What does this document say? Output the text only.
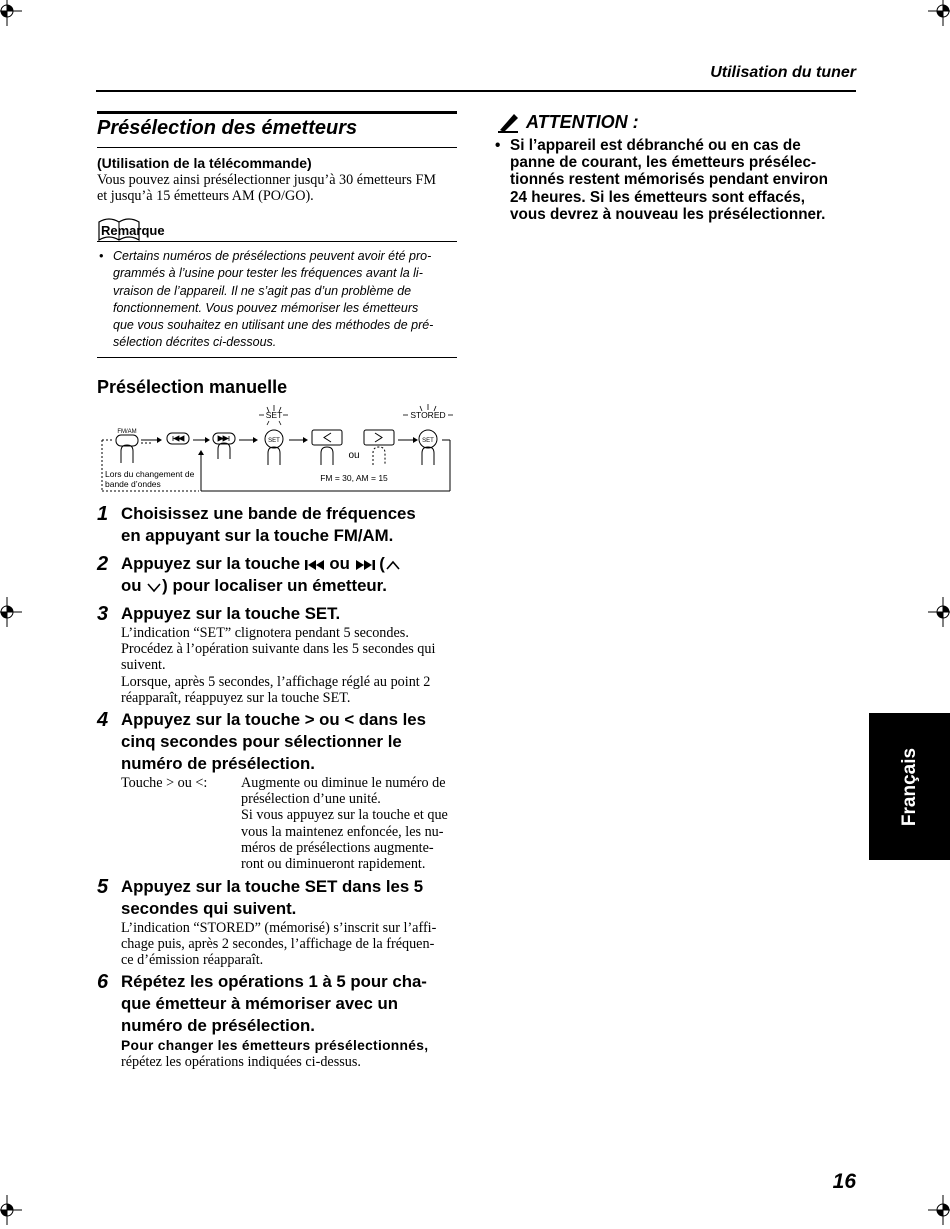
Utilisation du tuner
Présélection des émetteurs
(Utilisation de la télécommande)
Vous pouvez ainsi présélectionner jusqu’à 30 émetteurs FM
et jusqu’à 15 émetteurs AM (PO/GO).
Remarque
• Certains numéros de présélections peuvent avoir été pro-
grammés à l’usine pour tester les fréquences avant la li-
vraison de l’appareil. Il ne s’agit pas d’un problème de
fonctionnement. Vous pouvez mémoriser les émetteurs
que vous souhaitez en utilisant une des méthodes de pré-
sélection décrites ci-dessous.
Présélection manuelle
SET	STORED
FM/AM
SET
ou
SET
FM = 30, AM = 15
Lors du changement de
bande d’ondes
1 Choisissez une bande de fréquences
en appuyant sur la touche FM/AM.
2 Appuyez sur la touche  ou  (
ou ) pour localiser un émetteur.
3 Appuyez sur la touche SET.
L’indication “SET” clignotera pendant 5 secondes.
Procédez à l’opération suivante dans les 5 secondes qui
suivent.
Lorsque, après 5 secondes, l’affichage réglé au point 2
réapparaît, réappuyez sur la touche SET.
4 Appuyez sur la touche > ou < dans les
cinq secondes pour sélectionner le
numéro de présélection.
Touche > ou <:	Augmente ou diminue le numéro de
présélection d’une unité.
Si vous appuyez sur la touche et que
vous la maintenez enfoncée, les nu-
méros de présélections augmente-
ront ou diminueront rapidement.
5 Appuyez sur la touche SET dans les 5
secondes qui suivent.
L’indication “STORED” (mémorisé) s’inscrit sur l’affi-
chage puis, après 2 secondes, l’affichage de la fréquen-
ce d’émission réapparaît.
6 Répétez les opérations 1 à 5 pour cha-
que émetteur à mémoriser avec un
numéro de présélection.
Pour changer les émetteurs présélectionnés,
répétez les opérations indiquées ci-dessus.
ATTENTION :
• Si l’appareil est débranché ou en cas de
panne de courant, les émetteurs présélec-
tionnés restent mémorisés pendant environ
24 heures. Si les émetteurs sont effacés,
vous devrez à nouveau les présélectionner.
Français
16
